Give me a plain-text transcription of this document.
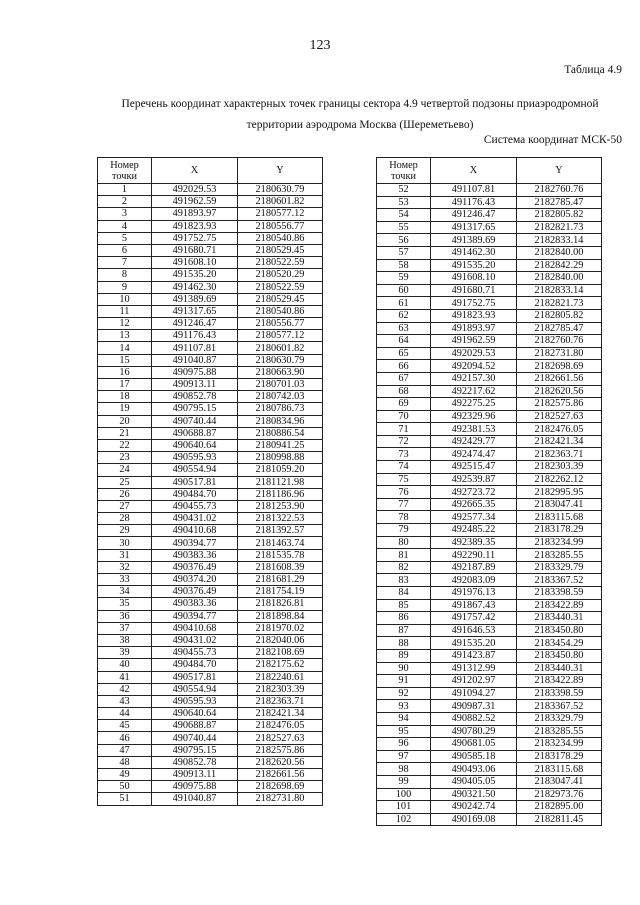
123
Таблица 4.9
Перечень координат характерных точек границы сектора 4.9 четвертой подзоны приаэродромной
территории аэродрома Москва (Шереметьево)
Система координат МСК-50
Номер точки	X	Y
1	492029.53	2180630.79
2	491962.59	2180601.82
3	491893.97	2180577.12
4	491823.93	2180556.77
5	491752.75	2180540.86
6	491680.71	2180529.45
7	491608.10	2180522.59
8	491535.20	2180520.29
9	491462.30	2180522.59
10	491389.69	2180529.45
11	491317.65	2180540.86
12	491246.47	2180556.77
13	491176.43	2180577.12
14	491107.81	2180601.82
15	491040.87	2180630.79
16	490975.88	2180663.90
17	490913.11	2180701.03
18	490852.78	2180742.03
19	490795.15	2180786.73
20	490740.44	2180834.96
21	490688.87	2180886.54
22	490640.64	2180941.25
23	490595.93	2180998.88
24	490554.94	2181059.20
25	490517.81	2181121.98
26	490484.70	2181186.96
27	490455.73	2181253.90
28	490431.02	2181322.53
29	490410.68	2181392.57
30	490394.77	2181463.74
31	490383.36	2181535.78
32	490376.49	2181608.39
33	490374.20	2181681.29
34	490376.49	2181754.19
35	490383.36	2181826.81
36	490394.77	2181898.84
37	490410.68	2181970.02
38	490431.02	2182040.06
39	490455.73	2182108.69
40	490484.70	2182175.62
41	490517.81	2182240.61
42	490554.94	2182303.39
43	490595.93	2182363.71
44	490640.64	2182421.34
45	490688.87	2182476.05
46	490740.44	2182527.63
47	490795.15	2182575.86
48	490852.78	2182620.56
49	490913.11	2182661.56
50	490975.88	2182698.69
51	491040.87	2182731.80
Номер точки	X	Y
52	491107.81	2182760.76
53	491176.43	2182785.47
54	491246.47	2182805.82
55	491317.65	2182821.73
56	491389.69	2182833.14
57	491462.30	2182840.00
58	491535.20	2182842.29
59	491608.10	2182840.00
60	491680.71	2182833.14
61	491752.75	2182821.73
62	491823.93	2182805.82
63	491893.97	2182785.47
64	491962.59	2182760.76
65	492029.53	2182731.80
66	492094.52	2182698.69
67	492157.30	2182661.56
68	492217.62	2182620.56
69	492275.25	2182575.86
70	492329.96	2182527.63
71	492381.53	2182476.05
72	492429.77	2182421.34
73	492474.47	2182363.71
74	492515.47	2182303.39
75	492539.87	2182262.12
76	492723.72	2182995.95
77	492665.35	2183047.41
78	492577.34	2183115.68
79	492485.22	2183178.29
80	492389.35	2183234.99
81	492290.11	2183285.55
82	492187.89	2183329.79
83	492083.09	2183367.52
84	491976.13	2183398.59
85	491867.43	2183422.89
86	491757.42	2183440.31
87	491646.53	2183450.80
88	491535.20	2183454.29
89	491423.87	2183450.80
90	491312.99	2183440.31
91	491202.97	2183422.89
92	491094.27	2183398.59
93	490987.31	2183367.52
94	490882.52	2183329.79
95	490780.29	2183285.55
96	490681.05	2183234.99
97	490585.18	2183178.29
98	490493.06	2183115.68
99	490405.05	2183047.41
100	490321.50	2182973.76
101	490242.74	2182895.00
102	490169.08	2182811.45
